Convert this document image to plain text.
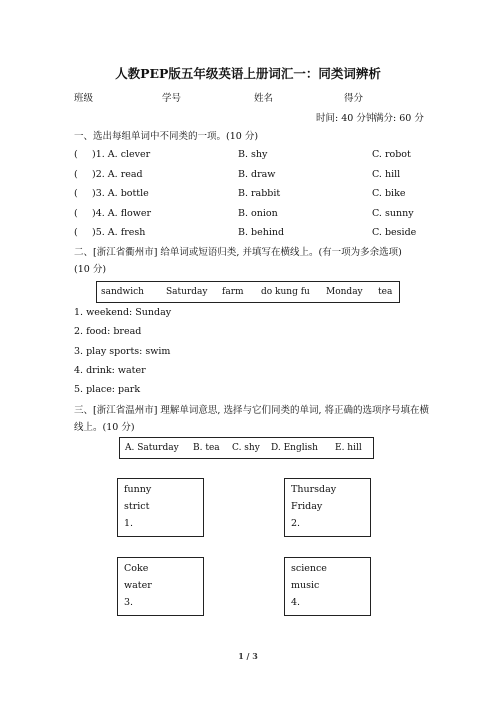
人教PEP版五年级英语上册词汇一：同类词辨析
班级	学号	姓名	得分
时间: 40 分钟
满分: 60 分
一、选出每组单词中不同类的一项。(10 分)
( )1. A. clever	B. shy	C. robot
( )2. A. read	B. draw	C. hill
( )3. A. bottle	B. rabbit	C. bike
( )4. A. flower	B. onion	C. sunny
( )5. A. fresh	B. behind	C. beside
二、[浙江省衢州市] 给单词或短语归类, 并填写在横线上。(有一项为多余选项)(10 分)
sandwich Saturday farm do kung fu Monday tea
1. weekend: Sunday
2. food: bread
3. play sports: swim
4. drink: water
5. place: park
三、[浙江省温州市] 理解单词意思, 选择与它们同类的单词, 将正确的选项序号填在横线上。(10 分)
A. Saturday B. tea C. shy D. English E. hill
funny
strict
1.
Thursday
Friday
2.
Coke
water
3.
science
music
4.
1 / 3
